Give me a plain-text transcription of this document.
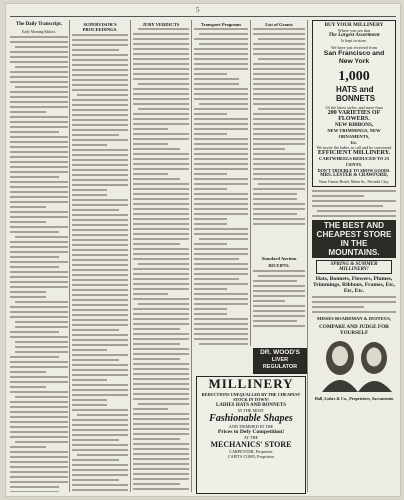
5
The Daily Transcript.
Early Morning Edition.
SUPERVISOR'S PROCEEDINGS.
JURY VERDICTS	Transport Programs	List of Grants
Standard Auction
RECEIPTS.
DR. WOOD'S
LIVER REGULATOR
MILLINERY
REDUCTIONS UNEQUALLED BY THE CHEAPEST STOCK IN TOWN!
LADIES HATS AND BONNETS
IN THE MOST
Fashionable Shapes
AND TRIMMED IN THE
Prices to Defy Competition!
AT THE
MECHANICS' STORE
CARPENTER, Proprietor
CAPITA CORN, Proprietor
BUY YOUR MILLINERY
Where you see that
The Largest Assortment
Is kept in store.
We have just received from
San Francisco and New York
1,000 HATS and
BONNETS
Of the latest styles, and more than
200 VARIETIES OF FLOWERS.
NEW RIBBONS,
NEW TRIMMINGS, NEW ORNAMENTS,
Etc.
We invite the ladies to call and be convinced
EFFICIENT MILLINERY.
CARTWHEELS REDUCED TO 25 CENTS.
DON'T TROUBLE TO SHOW GOODS.
MRS. LESTER & CRAWFORD,
Near Union Hotel, Main St., Nevada City.
THE BEST AND CHEAPEST STORE IN THE MOUNTAINS.
SPRING & SUMMER MILLINERY!
Hats, Bonnets, Flowers, Plumes, Trimmings, Ribbons, Frames, Etc, Etc, Etc.
MISSES BOARDMAN & DUFFEUS,
COMPARE AND JUDGE FOR YOURSELF
Hall, Luhrs & Co., Proprietors, Sacramento
